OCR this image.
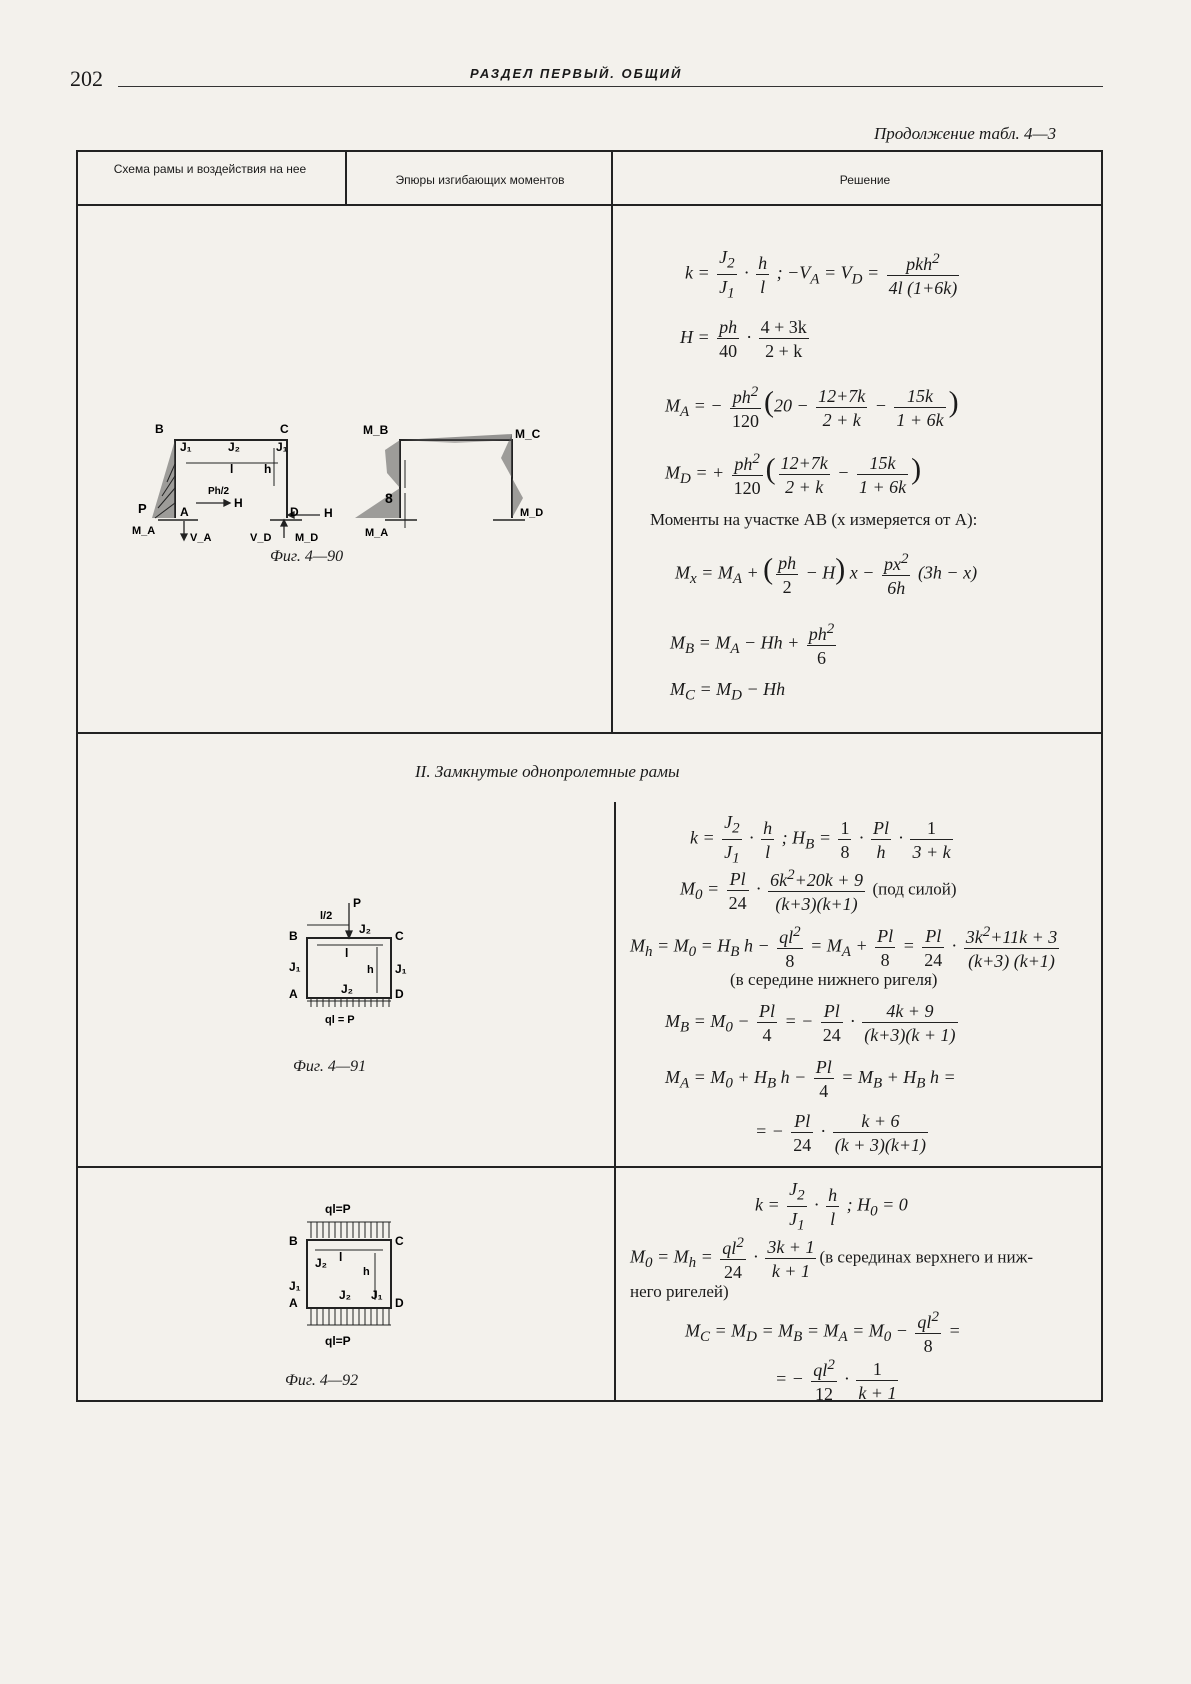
202	РАЗДЕЛ ПЕРВЫЙ. ОБЩИЙ
Продолжение табл. 4—3
Схема рамы и воздействия на нее
Эпюры изгибающих моментов	Решение
B	C
J₁	J₂	J₁
l	h
Ph/2
H
P	A	D H
M_A
V_A	V_D M_D
M_B	M_C
8
M_A
M_D
Фиг. 4—90
$k = \frac{J_2}{J_1} \cdot \frac{h}{l}$ ; $-V_A = V_D = \frac{pkh^2}{4l (1+6k)}$
$H = \frac{ph}{40} \cdot \frac{4 + 3k}{2 + k}$
$M_A$ = − $\frac{ph^2}{120} (20 - \frac{12+7k}{2 + k} - \frac{15k}{1 + 6k}$ )
$M_D$ = + $\frac{ph^2}{120}$ ( $\frac{12+7k}{2 + k} - \frac{15k}{1 + 6k}$ )
Моменты на участке AB (x измеряется от A):
$M_x = M_A$ + ( $\frac{ph}{2} - H$) $x - \frac{px^2}{6h} (3h - x)$
$M_B = M_A - Hh + \frac{ph^2}{6}$
$M_C = M_D - Hh$
II. Замкнутые однопролетные рамы
P
l/2
J₂
B	C
l
J₁	h J₁
J₂
A	D
ql = P
Фиг. 4—91
$k = \frac{J_2}{J_1} \cdot \frac{h}{l}$ ; $H_B = \frac{1}{8} \cdot \frac{Pl}{h} \cdot \frac{1}{3 + k}$
$M_0 = \frac{Pl}{24} \cdot \frac{6k^2+20k + 9}{(k+3)(k+1)} (под$ силой)
$M_h = M_0 = H_B$ $h - \frac{ql^2}{8} = M_A + \frac{Pl}{8} = \frac{Pl}{24} \cdot \frac{3k^2+11k + 3}{(k+3) (k+1)}$
(в середине нижнего ригеля)
$M_B = M_0 - \frac{Pl}{4}$ = − $\frac{Pl}{24} \cdot \frac{4k + 9}{(k+3)(k + 1)}$
$M_A = M_0 + H_B$ $h - \frac{Pl}{4} = M_B + H_B$ h =
= − $\frac{Pl}{24} \cdot \frac{k + 6}{(k + 3)(k+1)}$
ql=P
B	C
l
J₂
h
J₁
J₂ J₁
A	D
ql=P
Фиг. 4—92
$k = \frac{J_2}{J_1} \cdot \frac{h}{l}$ ; $H_0 = 0$
$M_0 = M_h = \frac{ql^2}{24} \cdot \frac{3k + 1}{k + 1} (в$ серединах верхнего и ниж-
него ригелей)
$M_C = M_D = M_B = M_A = M_0 - \frac{ql^2}{8}$ =
= − $\frac{ql^2}{12} \cdot \frac{1}{k + 1}$
